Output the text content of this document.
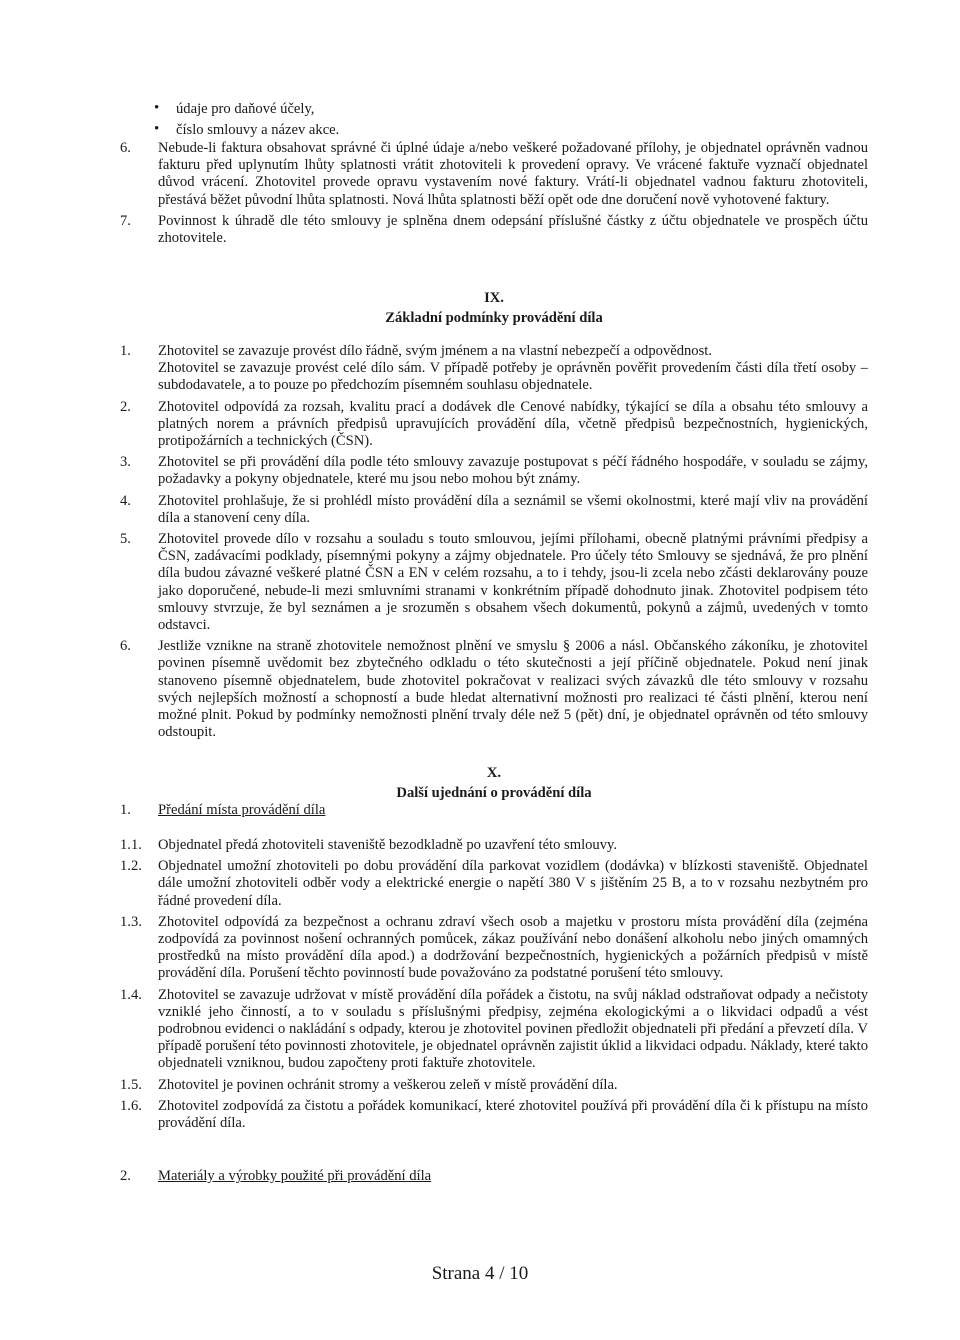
• údaje pro daňové účely,
• číslo smlouvy a název akce.
6. Nebude-li faktura obsahovat správné či úplné údaje a/nebo veškeré požadované přílohy, je objednatel oprávněn vadnou fakturu před uplynutím lhůty splatnosti vrátit zhotoviteli k provedení opravy. Ve vrácené faktuře vyznačí objednatel důvod vrácení. Zhotovitel provede opravu vystavením nové faktury. Vrátí-li objednatel vadnou fakturu zhotoviteli, přestává běžet původní lhůta splatnosti. Nová lhůta splatnosti běží opět ode dne doručení nově vyhotovené faktury.

7. Povinnost k úhradě dle této smlouvy je splněna dnem odepsání příslušné částky z účtu objednatele ve prospěch účtu zhotovitele.

IX.
Základní podmínky provádění díla
1. Zhotovitel se zavazuje provést dílo řádně, svým jménem a na vlastní nebezpečí a odpovědnost.

Zhotovitel se zavazuje provést celé dílo sám. V případě potřeby je oprávněn pověřit provedením části díla třetí osoby – subdodavatele, a to pouze po předchozím písemném souhlasu objednatele.

2. Zhotovitel odpovídá za rozsah, kvalitu prací a dodávek dle Cenové nabídky, týkající se díla a obsahu této smlouvy a platných norem a právních předpisů upravujících provádění díla, včetně předpisů bezpečnostních, hygienických, protipožárních a technických (ČSN).

3. Zhotovitel se při provádění díla podle této smlouvy zavazuje postupovat s péčí řádného hospodáře, v souladu se zájmy, požadavky a pokyny objednatele, které mu jsou nebo mohou být známy.

4. Zhotovitel prohlašuje, že si prohlédl místo provádění díla a seznámil se všemi okolnostmi, které mají vliv na provádění díla a stanovení ceny díla.

5. Zhotovitel provede dílo v rozsahu a souladu s touto smlouvou, jejími přílohami, obecně platnými právními předpisy a ČSN, zadávacími podklady, písemnými pokyny a zájmy objednatele. Pro účely této Smlouvy se sjednává, že pro plnění díla budou závazné veškeré platné ČSN a EN v celém rozsahu, a to i tehdy, jsou-li zcela nebo zčásti deklarovány pouze jako doporučené, nebude-li mezi smluvními stranami v konkrétním případě dohodnuto jinak. Zhotovitel podpisem této smlouvy stvrzuje, že byl seznámen a je srozuměn s obsahem všech dokumentů, pokynů a zájmů, uvedených v tomto odstavci.

6. Jestliže vznikne na straně zhotovitele nemožnost plnění ve smyslu § 2006 a násl. Občanského zákoníku, je zhotovitel povinen písemně uvědomit bez zbytečného odkladu o této skutečnosti a její příčině objednatele. Pokud není jinak stanoveno písemně objednatelem, bude zhotovitel pokračovat v realizaci svých závazků dle této smlouvy v rozsahu svých nejlepších možností a schopností a bude hledat alternativní možnosti pro realizaci té části plnění, kterou není možné plnit. Pokud by podmínky nemožnosti plnění trvaly déle než 5 (pět) dní, je objednatel oprávněn od této smlouvy odstoupit.

X.
Další ujednání o provádění díla
1. Předání místa provádění díla
1.1. Objednatel předá zhotoviteli staveniště bezodkladně po uzavření této smlouvy.

1.2. Objednatel umožní zhotoviteli po dobu provádění díla parkovat vozidlem (dodávka) v blízkosti staveniště. Objednatel dále umožní zhotoviteli odběr vody a elektrické energie o napětí 380 V s jištěním 25 B, a to v rozsahu nezbytném pro řádné provedení díla.

1.3. Zhotovitel odpovídá za bezpečnost a ochranu zdraví všech osob a majetku v prostoru místa provádění díla (zejména zodpovídá za povinnost nošení ochranných pomůcek, zákaz používání nebo donášení alkoholu nebo jiných omamných prostředků na místo provádění díla apod.) a dodržování bezpečnostních, hygienických a požárních předpisů v místě provádění díla. Porušení těchto povinností bude považováno za podstatné porušení této smlouvy.

1.4. Zhotovitel se zavazuje udržovat v místě provádění díla pořádek a čistotu, na svůj náklad odstraňovat odpady a nečistoty vzniklé jeho činností, a to v souladu s příslušnými předpisy, zejména ekologickými a o likvidaci odpadů a vést podrobnou evidenci o nakládání s odpady, kterou je zhotovitel povinen předložit objednateli při předání a převzetí díla. V případě porušení této povinnosti zhotovitele, je objednatel oprávněn zajistit úklid a likvidaci odpadu. Náklady, které takto objednateli vzniknou, budou započteny proti faktuře zhotovitele.

1.5. Zhotovitel je povinen ochránit stromy a veškerou zeleň v místě provádění díla.

1.6. Zhotovitel zodpovídá za čistotu a pořádek komunikací, které zhotovitel používá při provádění díla či k přístupu na místo provádění díla.

2. Materiály a výrobky použité při provádění díla
Strana 4 / 10
